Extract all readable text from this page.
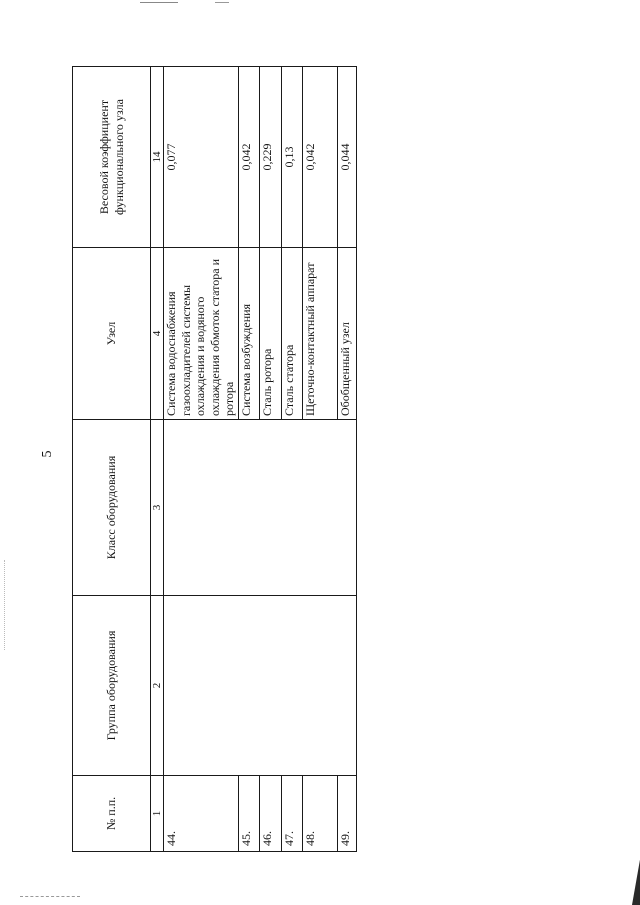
5
№ п.п.	Группа оборудования	Класс оборудования	Узел	Весовой коэффициент функционального узла
1	2	3	4	14
44.			Система водоснабжения газоохладителей системы охлаждения и водяного охлаждения обмоток статора и ротора	0,077
45.			Система возбуждения	0,042
46.			Сталь ротора	0,229
47.			Сталь статора	0,13
48.			Щеточно-контактный аппарат	0,042
49.			Обобщенный узел	0,044
